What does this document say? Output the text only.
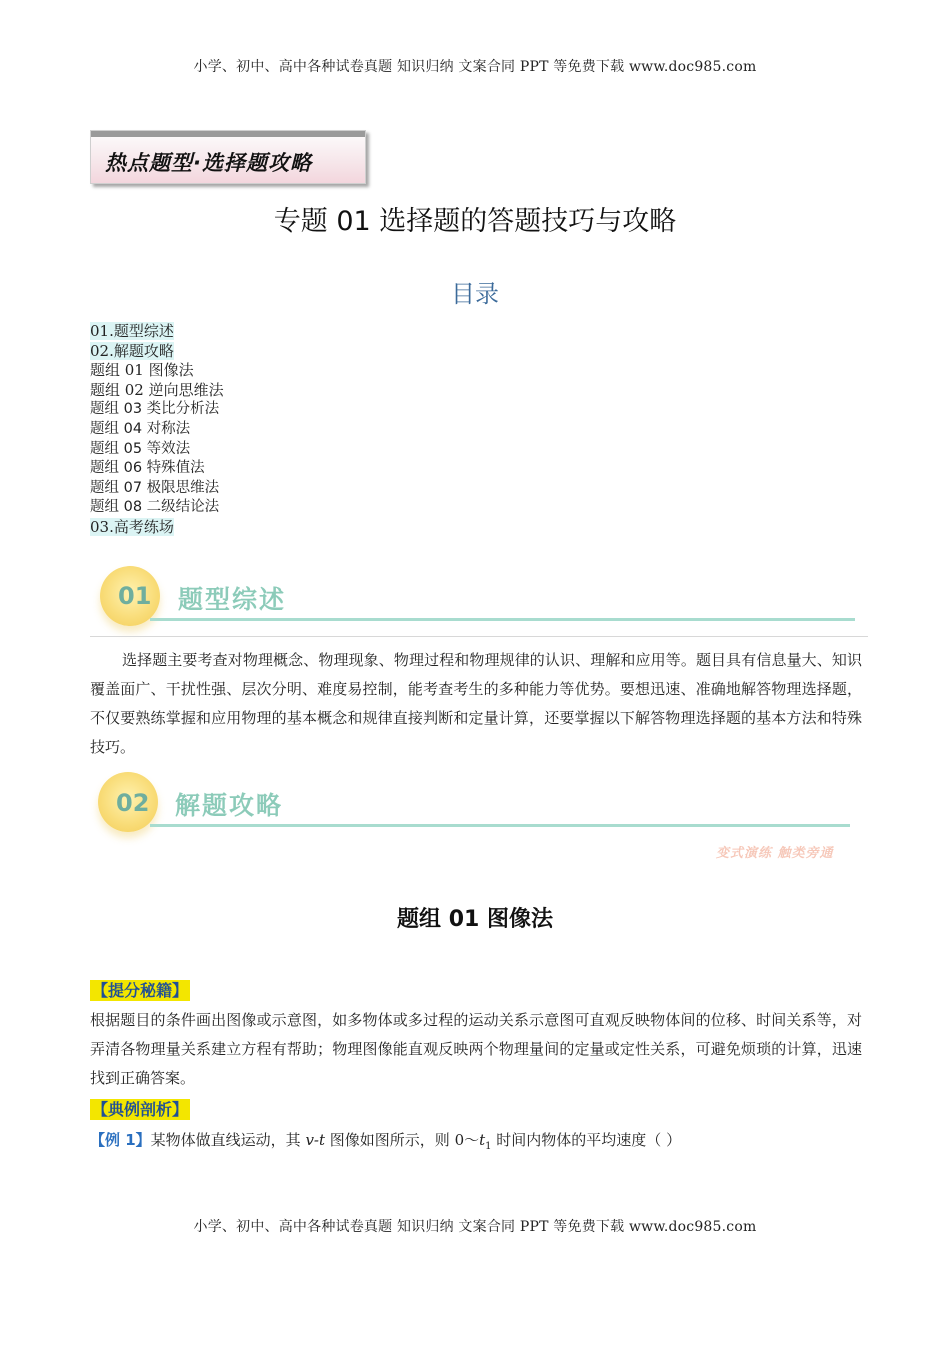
小学、初中、高中各种试卷真题 知识归纳 文案合同 PPT 等免费下载 www.doc985.com
热点题型·选择题攻略
专题 01 选择题的答题技巧与攻略
目录
01.题型综述
02.解题攻略
题组 01 图像法
题组 02 逆向思维法
题组 03 类比分析法
题组 04 对称法
题组 05 等效法
题组 06 特殊值法
题组 07 极限思维法
题组 08 二级结论法
03.高考练场
01 题型综述
选择题主要考查对物理概念、物理现象、物理过程和物理规律的认识、理解和应用等。题目具有信息量大、知识覆盖面广、干扰性强、层次分明、难度易控制，能考查考生的多种能力等优势。要想迅速、准确地解答物理选择题，不仅要熟练掌握和应用物理的基本概念和规律直接判断和定量计算，还要掌握以下解答物理选择题的基本方法和特殊技巧。
02 解题攻略
变式演练 触类旁通
题组 01 图像法
【提分秘籍】
根据题目的条件画出图像或示意图，如多物体或多过程的运动关系示意图可直观反映物体间的位移、时间关系等，对弄清各物理量关系建立方程有帮助；物理图像能直观反映两个物理量间的定量或定性关系，可避免烦琐的计算，迅速找到正确答案。
【典例剖析】
【例 1】某物体做直线运动，其 v-t 图像如图所示，则 $0\sim t_1$ 时间内物体的平均速度（ ）
小学、初中、高中各种试卷真题 知识归纳 文案合同 PPT 等免费下载 www.doc985.com
